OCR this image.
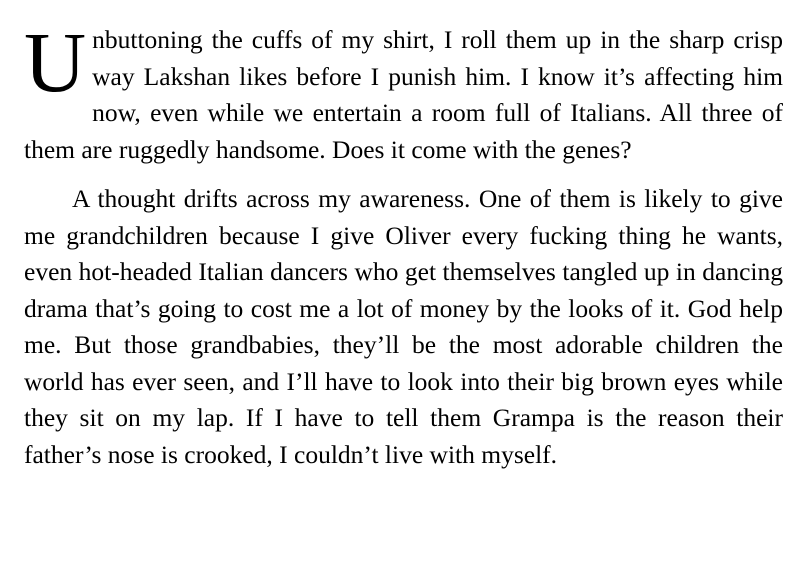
Unbuttoning the cuffs of my shirt, I roll them up in the sharp crisp way Lakshan likes before I punish him. I know it’s affecting him now, even while we entertain a room full of Italians. All three of them are ruggedly handsome. Does it come with the genes?

A thought drifts across my awareness. One of them is likely to give me grandchildren because I give Oliver every fucking thing he wants, even hot-headed Italian dancers who get themselves tangled up in dancing drama that’s going to cost me a lot of money by the looks of it. God help me. But those grandbabies, they’ll be the most adorable children the world has ever seen, and I’ll have to look into their big brown eyes while they sit on my lap. If I have to tell them Grampa is the reason their father’s nose is crooked, I couldn’t live with myself.
